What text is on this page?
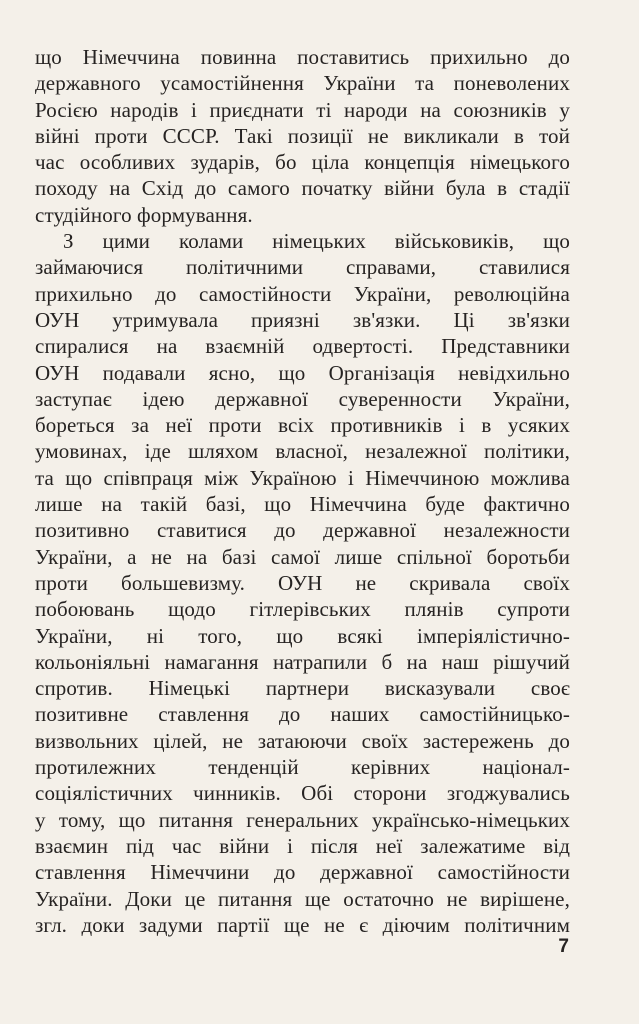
що Німеччина повинна поставитись прихильно до
державного усамостійнення України та поневолених
Росією народів і приєднати ті народи на союзників у
війні проти СССР. Такі позиції не викликали в той
час особливих зударів, бо ціла концепція німецького
походу на Схід до самого початку війни була в стадії
студійного формування.
З цими колами німецьких військовиків, що
займаючися політичними справами, ставилися
прихильно до самостійности України, революційна
ОУН утримувала приязні зв'язки. Ці зв'язки
спиралися на взаємній одвертості. Представники
ОУН подавали ясно, що Організація невідхильно
заступає ідею державної суверенности України,
бореться за неї проти всіх противників і в усяких
умовинах, іде шляхом власної, незалежної політики,
та що співпраця між Україною і Німеччиною можлива
лише на такій базі, що Німеччина буде фактично
позитивно ставитися до державної незалежности
України, а не на базі самої лише спільної боротьби
проти большевизму. ОУН не скривала своїх
побоювань щодо гітлерівських плянів супроти
України, ні того, що всякі імперіялістично-
кольоніяльні намагання натрапили б на наш рішучий
спротив. Німецькі партнери висказували своє
позитивне ставлення до наших самостійницько-
визвольних цілей, не затаюючи своїх застережень до
протилежних тенденцій керівних націонал-
соціялістичних чинників. Обі сторони згоджувались
у тому, що питання генеральних українсько-німецьких
взаємин під час війни і після неї залежатиме від
ставлення Німеччини до державної самостійности
України. Доки це питання ще остаточно не вирішене,
згл. доки задуми партії ще не є діючим політичним
7
